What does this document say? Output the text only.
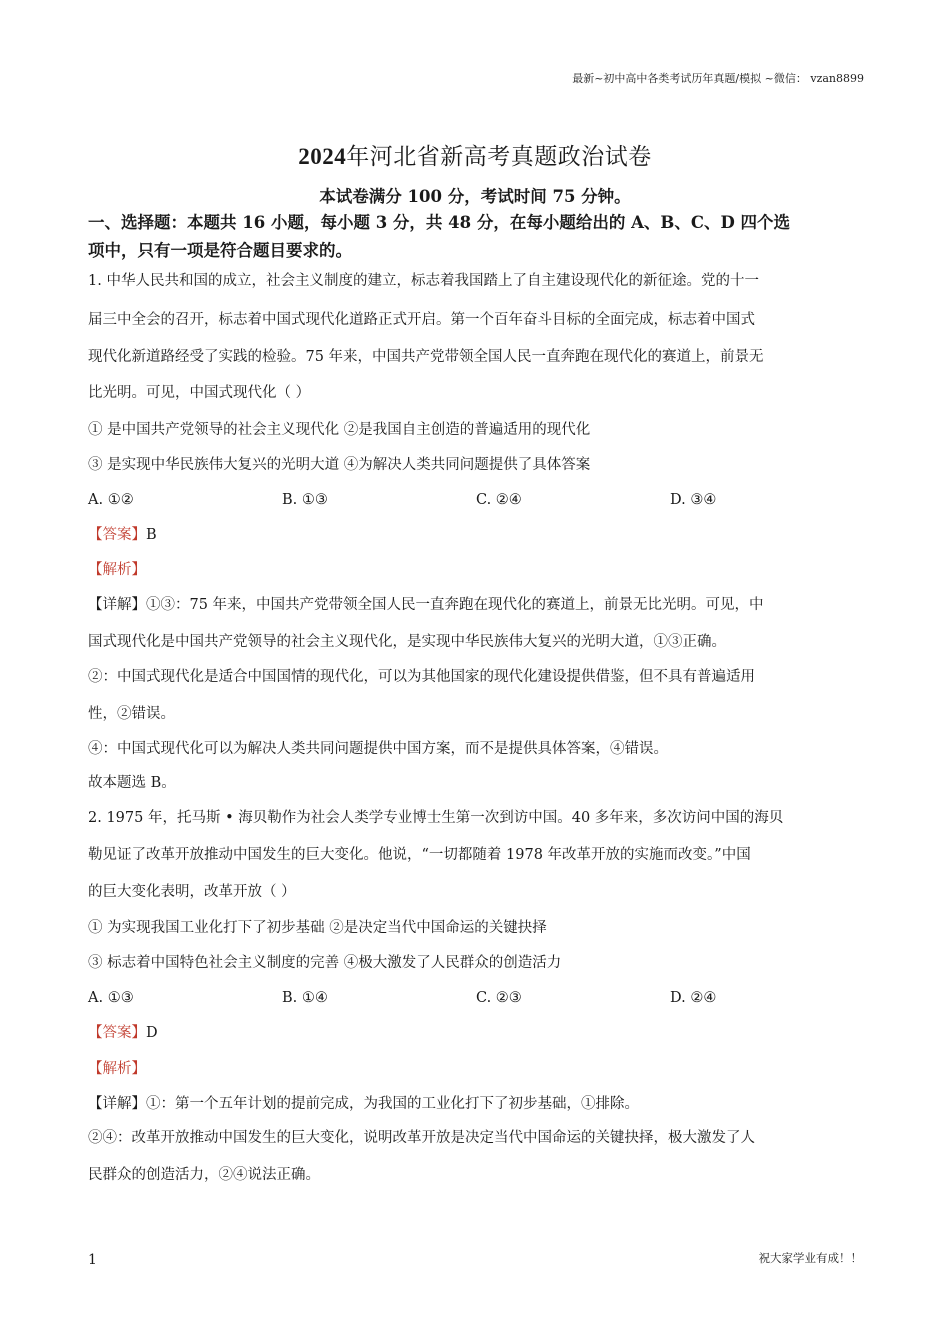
最新~初中高中各类考试历年真题/模拟 ~微信： vzan8899
2024年河北省新高考真题政治试卷
本试卷满分 100 分，考试时间 75 分钟。
一、选择题：本题共 16 小题，每小题 3 分，共 48 分，在每小题给出的 A、B、C、D 四个选
项中，只有一项是符合题目要求的。
1. 中华人民共和国的成立，社会主义制度的建立，标志着我国踏上了自主建设现代化的新征途。党的十一
届三中全会的召开，标志着中国式现代化道路正式开启。第一个百年奋斗目标的全面完成，标志着中国式
现代化新道路经受了实践的检验。75 年来，中国共产党带领全国人民一直奔跑在现代化的赛道上，前景无
比光明。可见，中国式现代化（ ）
① 是中国共产党领导的社会主义现代化 ②是我国自主创造的普遍适用的现代化
③ 是实现中华民族伟大复兴的光明大道 ④为解决人类共同问题提供了具体答案
A. ①②	B. ①③	C. ②④	D. ③④
【答案】B
【解析】
【详解】①③：75 年来，中国共产党带领全国人民一直奔跑在现代化的赛道上，前景无比光明。可见，中
国式现代化是中国共产党领导的社会主义现代化，是实现中华民族伟大复兴的光明大道，①③正确。
②：中国式现代化是适合中国国情的现代化，可以为其他国家的现代化建设提供借鉴，但不具有普遍适用
性，②错误。
④：中国式现代化可以为解决人类共同问题提供中国方案，而不是提供具体答案，④错误。
故本题选 B。
2. 1975 年，托马斯 • 海贝勒作为社会人类学专业博士生第一次到访中国。40 多年来，多次访问中国的海贝
勒见证了改革开放推动中国发生的巨大变化。他说，“一切都随着 1978 年改革开放的实施而改变。”中国
的巨大变化表明，改革开放（ ）
① 为实现我国工业化打下了初步基础 ②是决定当代中国命运的关键抉择
③ 标志着中国特色社会主义制度的完善 ④极大激发了人民群众的创造活力
A. ①③	B. ①④	C. ②③	D. ②④
【答案】D
【解析】
【详解】①：第一个五年计划的提前完成，为我国的工业化打下了初步基础，①排除。
②④：改革开放推动中国发生的巨大变化，说明改革开放是决定当代中国命运的关键抉择，极大激发了人
民群众的创造活力，②④说法正确。
1	祝大家学业有成！！
